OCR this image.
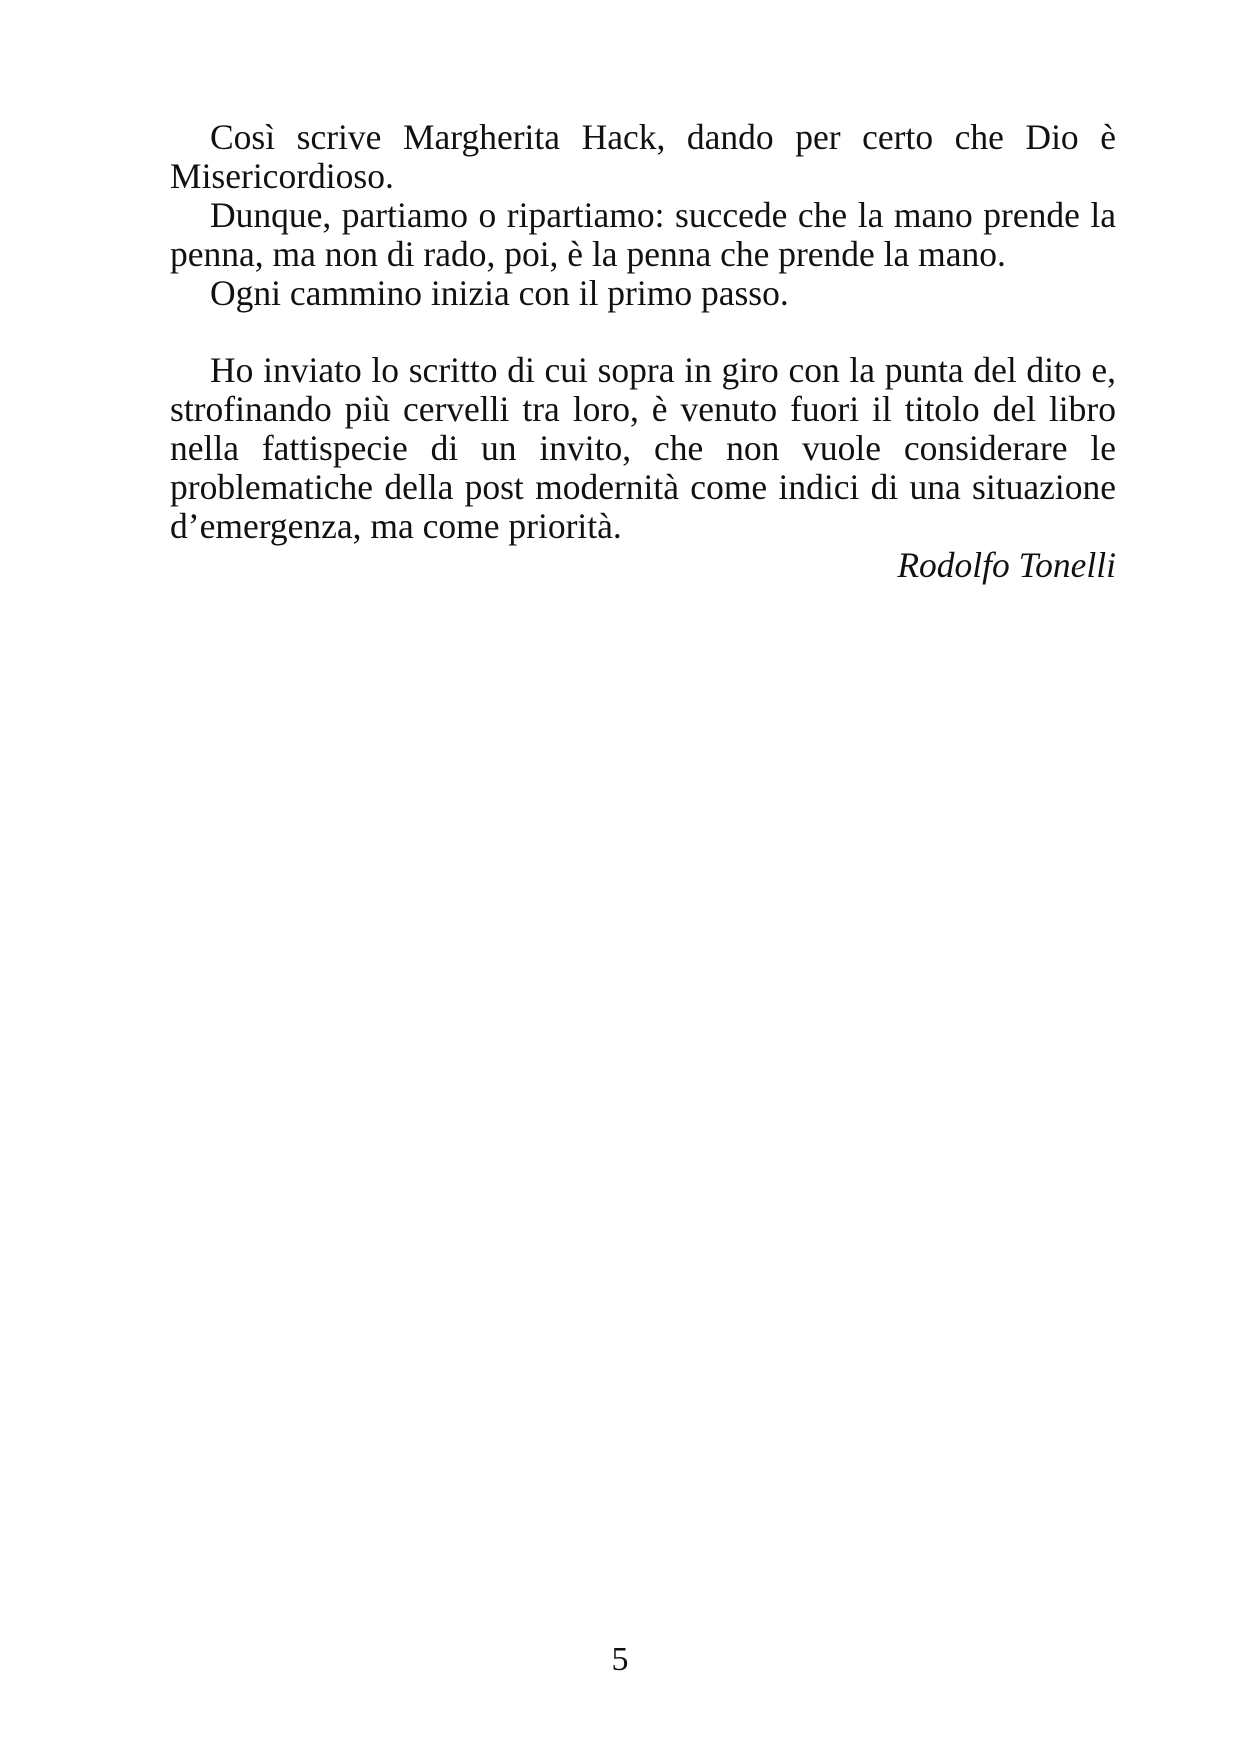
Così scrive Margherita Hack, dando per certo che Dio è Misericordioso.

Dunque, partiamo o ripartiamo: succede che la mano prende la penna, ma non di rado, poi, è la penna che prende la mano.

Ogni cammino inizia con il primo passo.

Ho inviato lo scritto di cui sopra in giro con la punta del dito e, strofinando più cervelli tra loro, è venuto fuori il titolo del libro nella fattispecie di un invito, che non vuole considerare le problematiche della post modernità come indici di una situazione d’emergenza, ma come priorità.

Rodolfo Tonelli

5
